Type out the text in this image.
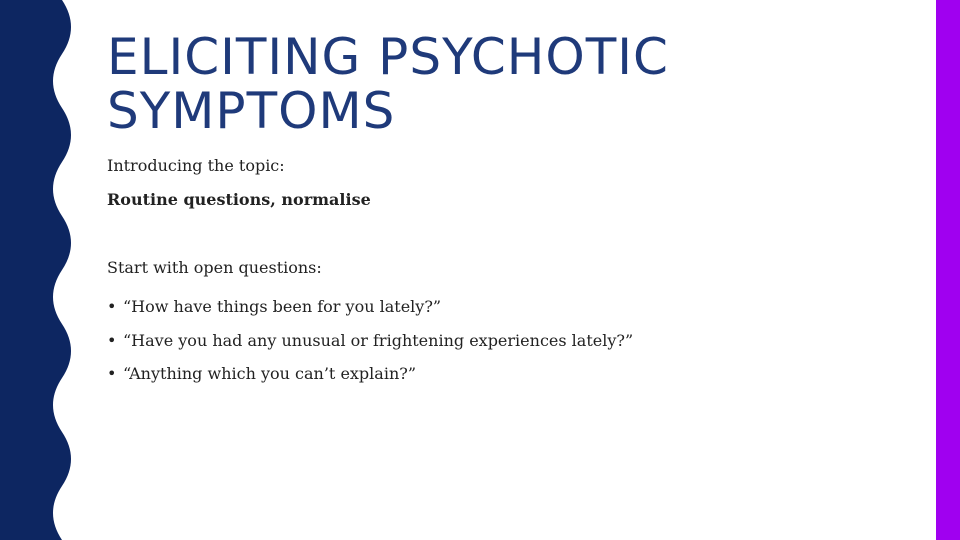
ELICITING PSYCHOTIC
SYMPTOMS
Introducing the topic:
Routine questions, normalise
Start with open questions:
• “How have things been for you lately?”
• “Have you had any unusual or frightening experiences lately?”
• “Anything which you can’t explain?”
